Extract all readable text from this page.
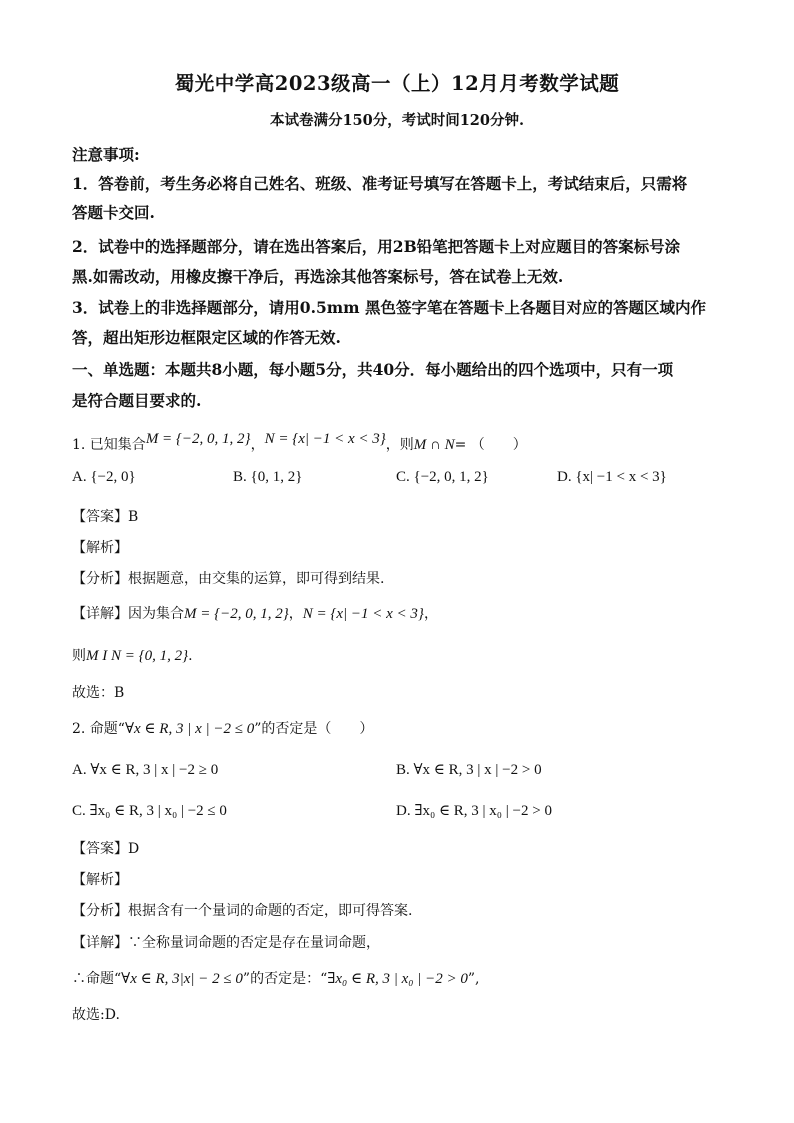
蜀光中学高2023级高一（上）12月月考数学试题
本试卷满分150分，考试时间120分钟.
注意事项:
1．答卷前，考生务必将自己姓名、班级、准考证号填写在答题卡上，考试结束后，只需将
答题卡交回.
2．试卷中的选择题部分，请在选出答案后，用2B铅笔把答题卡上对应题目的答案标号涂
黑.如需改动，用橡皮擦干净后，再选涂其他答案标号，答在试卷上无效.
3．试卷上的非选择题部分，请用0.5mm 黑色签字笔在答题卡上各题目对应的答题区域内作
答，超出矩形边框限定区域的作答无效.
一、单选题：本题共8小题，每小题5分，共40分．每小题给出的四个选项中，只有一项
是符合题目要求的.
1. 已知集合M = {−2, 0, 1, 2}，N = {x| −1 < x < 3}，则M ∩ N= （　　）
A. {−2, 0}	B. {0, 1, 2}	C. {−2, 0, 1, 2}	D. {x| −1 < x < 3}
【答案】B
【解析】
【分析】根据题意，由交集的运算，即可得到结果.
【详解】因为集合M = {−2, 0, 1, 2}，N = {x| −1 < x < 3}，
则M I N = {0, 1, 2}.
故选：B
2. 命题“∀x ∈ R, 3 | x | −2 ≤ 0”的否定是（　　）
A. ∀x ∈ R, 3 | x | −2 ≥ 0	B. ∀x ∈ R, 3 | x | −2 > 0
C. ∃x₀ ∈ R, 3 | x₀ | −2 ≤ 0	D. ∃x₀ ∈ R, 3 | x₀ | −2 > 0
【答案】D
【解析】
【分析】根据含有一个量词的命题的否定，即可得答案.
【详解】∵全称量词命题的否定是存在量词命题，
∴命题“∀x ∈ R, 3|x| − 2 ≤ 0”的否定是：“∃x₀ ∈ R, 3 | x₀ | −2 > 0”,
故选:D.
